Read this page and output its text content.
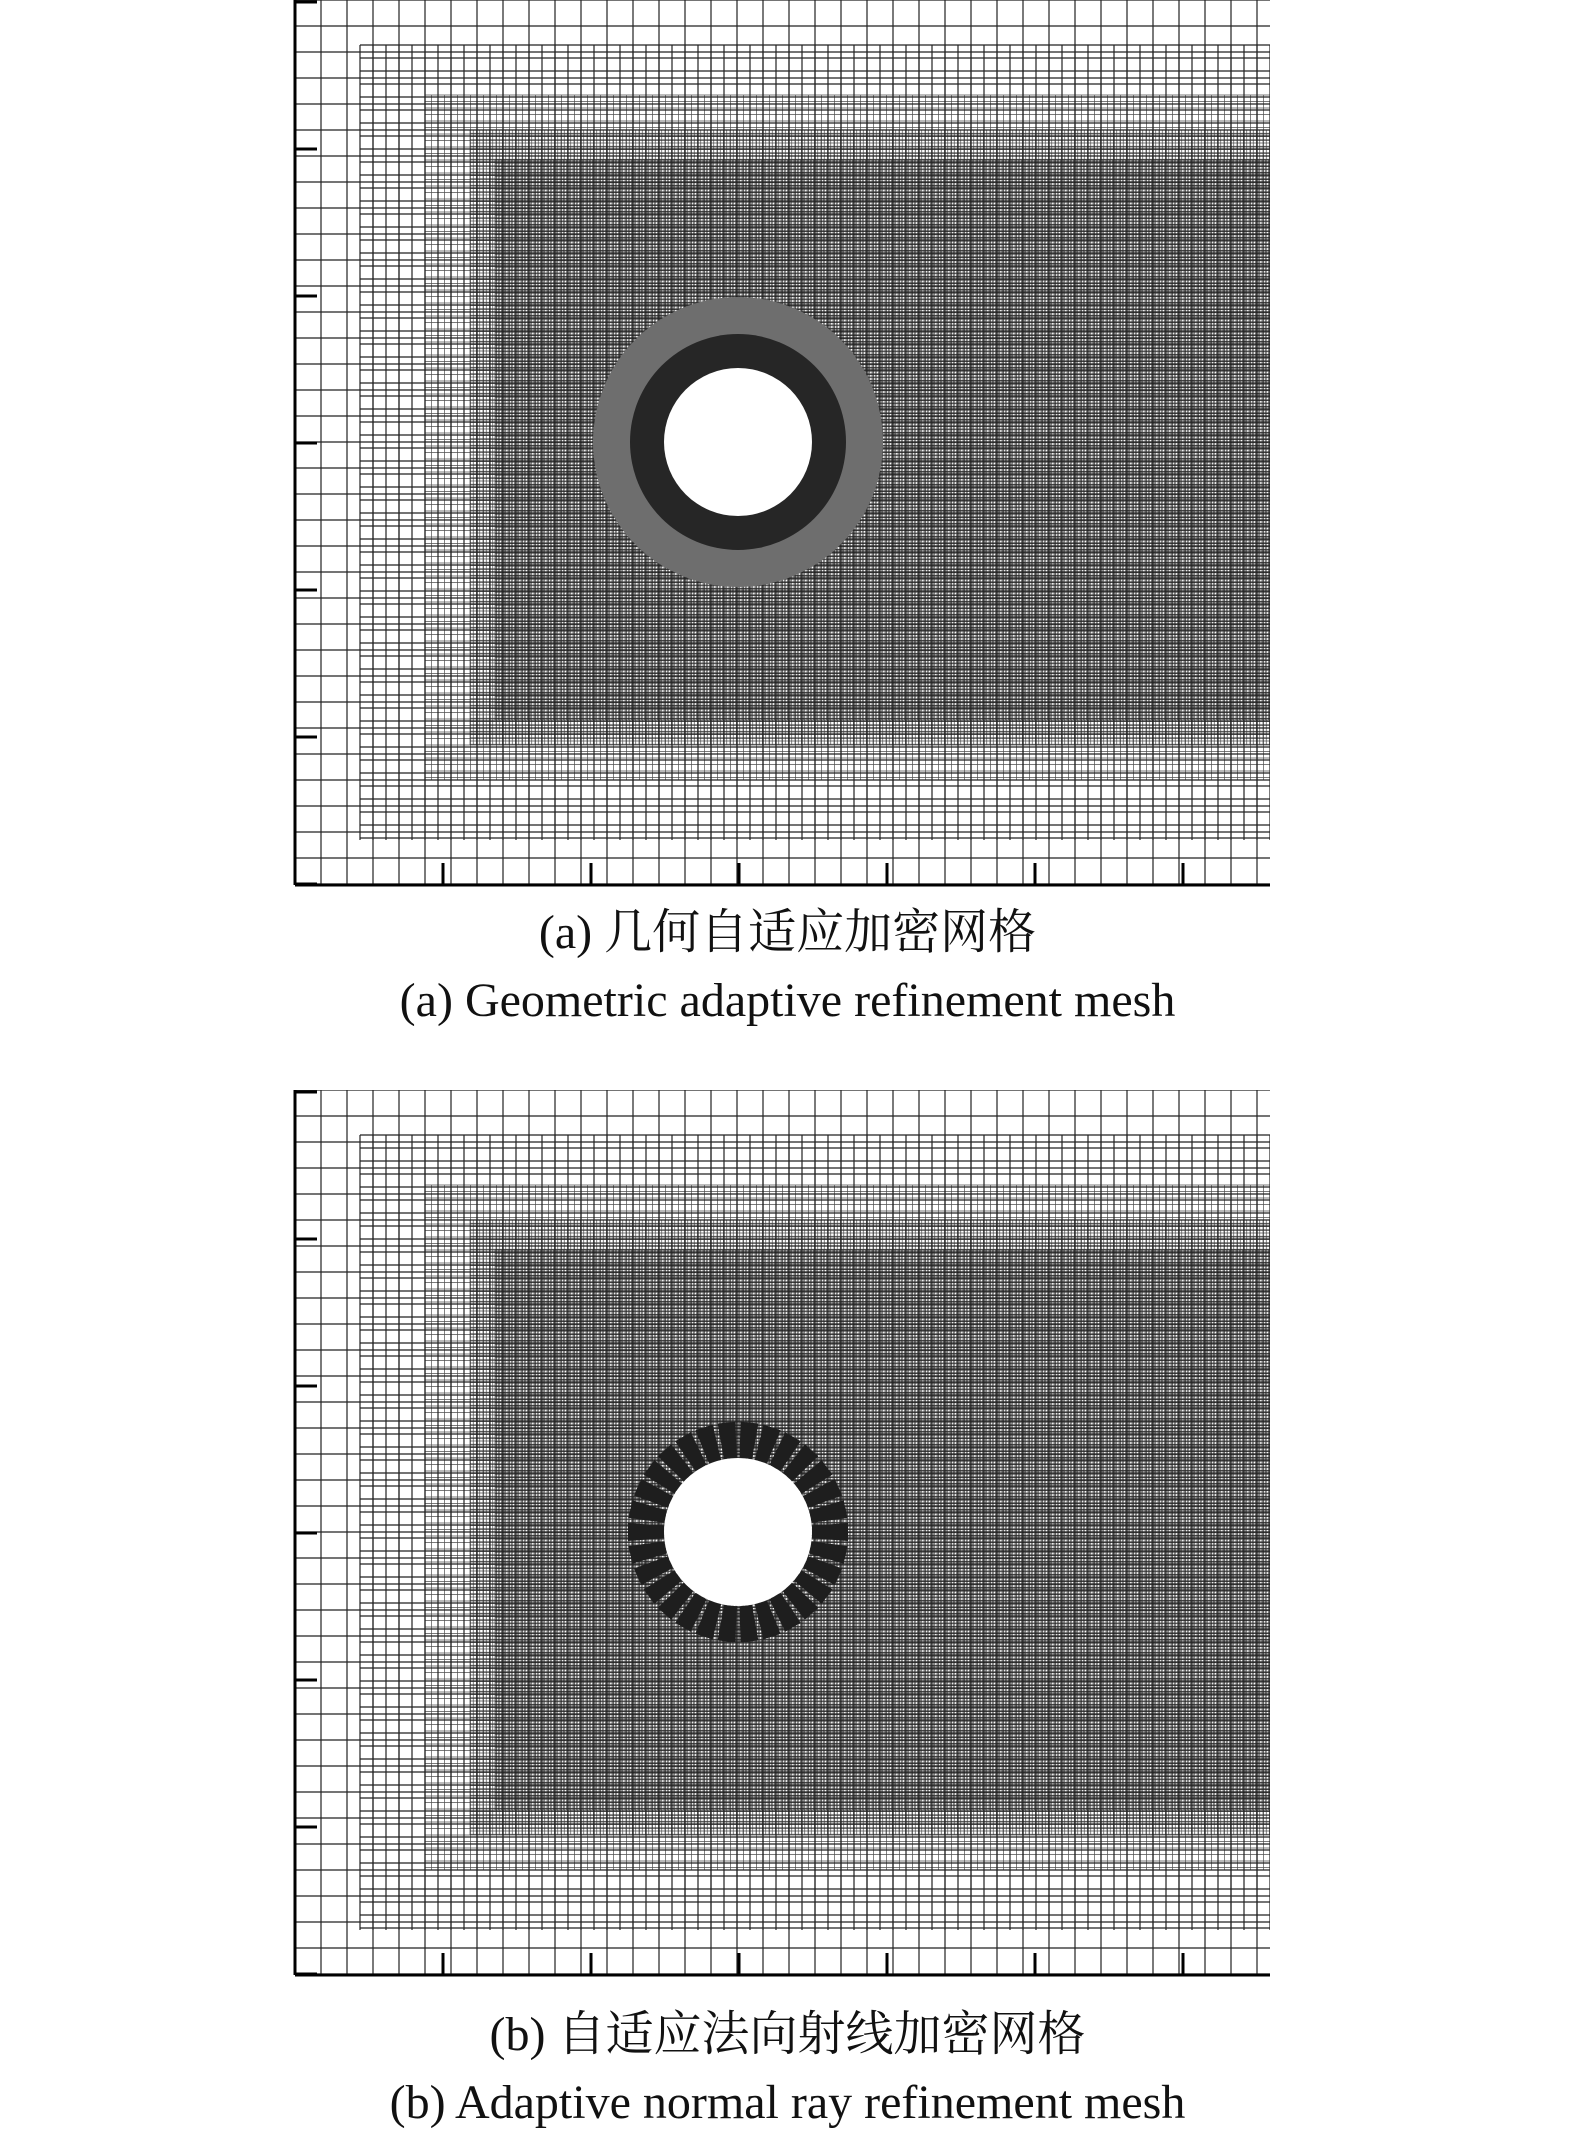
(a) 几何自适应加密网格
(a) Geometric adaptive refinement mesh
(b) 自适应法向射线加密网格
(b) Adaptive normal ray refinement mesh
